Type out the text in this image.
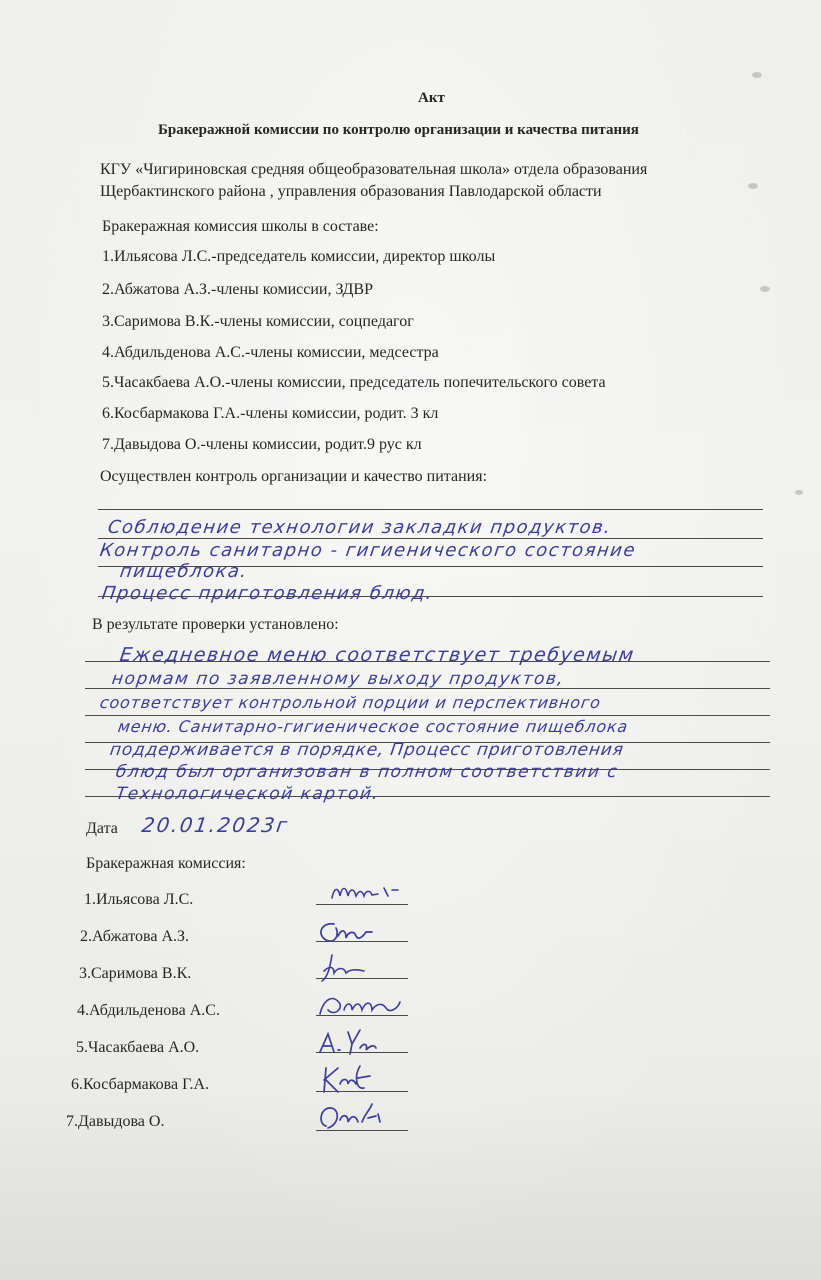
Акт
Бракеражной комиссии по контролю организации и качества питания
КГУ «Чигириновская средняя общеобразовательная школа» отдела образования
Щербактинского района , управления образования Павлодарской области
Бракеражная комиссия школы в составе:
1.Ильясова Л.С.-председатель комиссии, директор школы
2.Абжатова А.З.-члены комиссии, ЗДВР
3.Саримова В.К.-члены комиссии, соцпедагог
4.Абдильденова А.С.-члены комиссии, медсестра
5.Часакбаева А.О.-члены комиссии, председатель попечительского совета
6.Косбармакова Г.А.-члены комиссии, родит. 3 кл
7.Давыдова О.-члены комиссии, родит.9 рус кл
Осуществлен контроль организации и качество питания:
Соблюдение технологии закладки продуктов.
Контроль санитарно - гигиенического состояние
пищеблока.
Процесс приготовления блюд.
В результате проверки установлено:
Ежедневное меню соответствует требуемым
нормам по заявленному выходу продуктов,
соответствует контрольной порции и перспективного
меню. Санитарно-гигиеническое состояние пищеблока
поддерживается в порядке, Процесс приготовления
блюд был организован в полном соответствии с
Технологической картой.
Дата 20.01.2023г
Бракеражная комиссия:
1.Ильясова Л.С.
2.Абжатова А.З.
3.Саримова В.К.
4.Абдильденова А.С.
5.Часакбаева А.О.
6.Косбармакова Г.А.
7.Давыдова О.
